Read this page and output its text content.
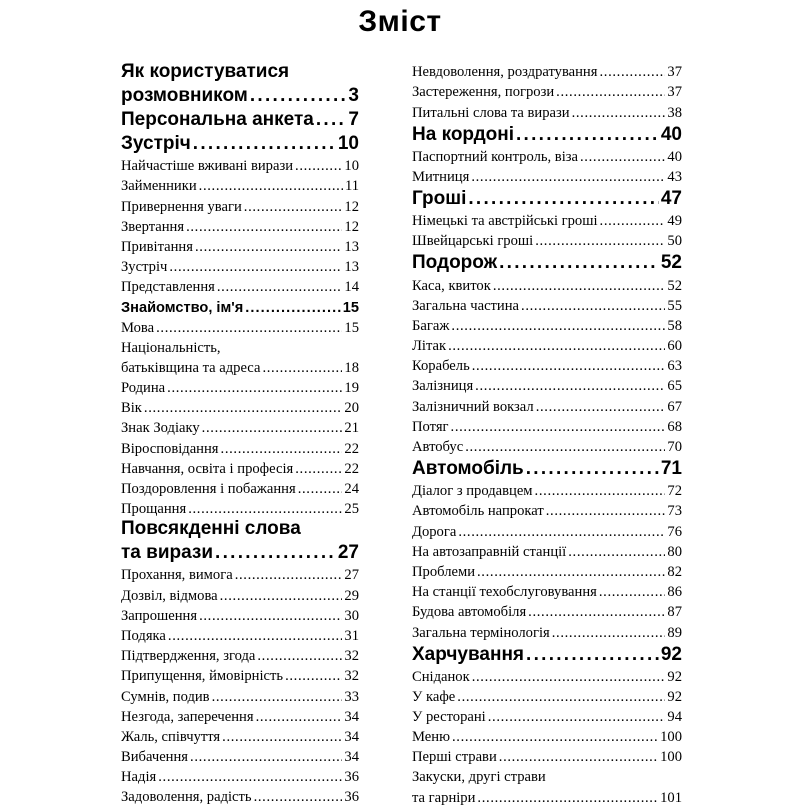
Зміст
Як користуватися
розмовником . . .	3
Персональна анкета . . . 7
Зустріч . . .	10
Найчастіше вживані вирази . . .	10
Займенники . . .	11
Привернення уваги . . .	12
Звертання . . .	12
Привітання . . .	13
Зустріч . . .	13
Представлення . . .	14
Знайомство, ім'я . . .	15
Мова . . .	15
Національність,
батьківщина та адреса . . .	18
Родина . . .	19
Вік . . .	20
Знак Зодіаку . . .	21
Віросповідання . . .	22
Навчання, освіта і професія . . .	22
Поздоровлення і побажання . . .	24
Прощання . . .	25
Повсякденні слова
та вирази . . .	27
Прохання, вимога . . .	27
Дозвіл, відмова . . .	29
Запрошення . . .	30
Подяка . . .	31
Підтвердження, згода . . .	32
Припущення, ймовірність . . .	32
Сумнів, подив . . .	33
Незгода, заперечення . . .	34
Жаль, співчуття . . .	34
Вибачення . . .	34
Надія . . .	36
Задоволення, радість . . .	36
Невдоволення, роздратування . . .	37
Застереження, погрози . . .	37
Питальні слова та вирази . . .	38
На кордоні . . .	40
Паспортний контроль, віза . . .	40
Митниця . . .	43
Гроші . . .	47
Німецькі та австрійські гроші . . .	49
Швейцарські гроші . . .	50
Подорож . . .	52
Каса, квиток . . .	52
Загальна частина . . .	55
Багаж . . .	58
Літак . . .	60
Корабель . . .	63
Залізниця . . .	65
Залізничний вокзал . . .	67
Потяг . . .	68
Автобус . . .	70
Автомобіль . . .	71
Діалог з продавцем . . .	72
Автомобіль напрокат . . .	73
Дорога . . .	76
На автозаправній станції . . .	80
Проблеми . . .	82
На станції техобслуговування . . .	86
Будова автомобіля . . .	87
Загальна термінологія . . .	89
Харчування . . .	92
Сніданок . . .	92
У кафе . . .	92
У ресторані . . .	94
Меню . . .	100
Перші страви . . .	100
Закуски, другі страви
та гарніри . . .	101
